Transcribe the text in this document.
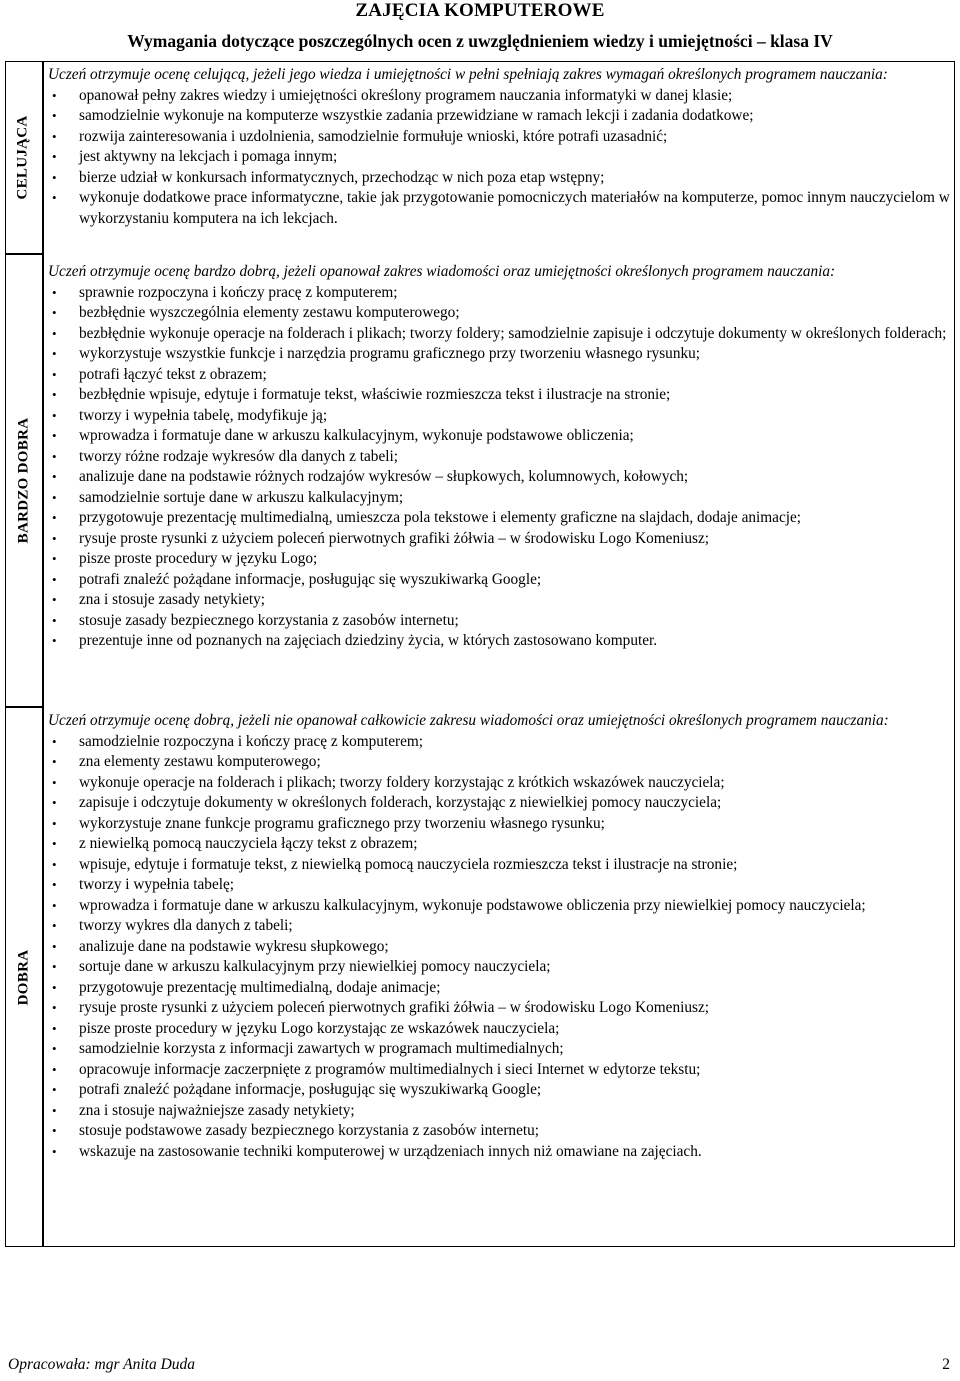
ZAJĘCIA KOMPUTEROWE
Wymagania dotyczące poszczególnych ocen z uwzględnieniem wiedzy i umiejętności – klasa IV
CELUJĄCA
BARDZO DOBRA
DOBRA
Uczeń otrzymuje ocenę celującą, jeżeli jego wiedza i umiejętności w pełni spełniają zakres wymagań określonych programem nauczania:
• opanował pełny zakres wiedzy i umiejętności określony programem nauczania informatyki w danej klasie;
• samodzielnie wykonuje na komputerze wszystkie zadania przewidziane w ramach lekcji i zadania dodatkowe;
• rozwija zainteresowania i uzdolnienia, samodzielnie formułuje wnioski, które potrafi uzasadnić;
• jest aktywny na lekcjach i pomaga innym;
• bierze udział w konkursach informatycznych, przechodząc w nich poza etap wstępny;
• wykonuje dodatkowe prace informatyczne, takie jak przygotowanie pomocniczych materiałów na komputerze, pomoc innym nauczycielom w wykorzystaniu komputera na ich lekcjach.
Uczeń otrzymuje ocenę bardzo dobrą, jeżeli opanował zakres wiadomości oraz umiejętności określonych programem nauczania:
• sprawnie rozpoczyna i kończy pracę z komputerem;
• bezbłędnie wyszczególnia elementy zestawu komputerowego;
• bezbłędnie wykonuje operacje na folderach i plikach; tworzy foldery; samodzielnie zapisuje i odczytuje dokumenty w określonych folderach;
• wykorzystuje wszystkie funkcje i narzędzia programu graficznego przy tworzeniu własnego rysunku;
• potrafi łączyć tekst z obrazem;
• bezbłędnie wpisuje, edytuje i formatuje tekst, właściwie rozmieszcza tekst i ilustracje na stronie;
• tworzy i wypełnia tabelę, modyfikuje ją;
• wprowadza i formatuje dane w arkuszu kalkulacyjnym, wykonuje podstawowe obliczenia;
• tworzy różne rodzaje wykresów dla danych z tabeli;
• analizuje dane na podstawie różnych rodzajów wykresów – słupkowych, kolumnowych, kołowych;
• samodzielnie sortuje dane w arkuszu kalkulacyjnym;
• przygotowuje prezentację multimedialną, umieszcza pola tekstowe i elementy graficzne na slajdach, dodaje animacje;
• rysuje proste rysunki z użyciem poleceń pierwotnych grafiki żółwia – w środowisku Logo Komeniusz;
• pisze proste procedury w języku Logo;
• potrafi znaleźć pożądane informacje, posługując się wyszukiwarką Google;
• zna i stosuje zasady netykiety;
• stosuje zasady bezpiecznego korzystania z zasobów internetu;
• prezentuje inne od poznanych na zajęciach dziedziny życia, w których zastosowano komputer.
Uczeń otrzymuje ocenę dobrą, jeżeli nie opanował całkowicie zakresu wiadomości oraz umiejętności określonych programem nauczania:
• samodzielnie rozpoczyna i kończy pracę z komputerem;
• zna elementy zestawu komputerowego;
• wykonuje operacje na folderach i plikach; tworzy foldery korzystając z krótkich wskazówek nauczyciela;
• zapisuje i odczytuje dokumenty w określonych folderach, korzystając z niewielkiej pomocy nauczyciela;
• wykorzystuje znane funkcje programu graficznego przy tworzeniu własnego rysunku;
• z niewielką pomocą nauczyciela łączy tekst z obrazem;
• wpisuje, edytuje i formatuje tekst, z niewielką pomocą nauczyciela rozmieszcza tekst i ilustracje na stronie;
• tworzy i wypełnia tabelę;
• wprowadza i formatuje dane w arkuszu kalkulacyjnym, wykonuje podstawowe obliczenia przy niewielkiej pomocy nauczyciela;
• tworzy wykres dla danych z tabeli;
• analizuje dane na podstawie wykresu słupkowego;
• sortuje dane w arkuszu kalkulacyjnym przy niewielkiej pomocy nauczyciela;
• przygotowuje prezentację multimedialną, dodaje animacje;
• rysuje proste rysunki z użyciem poleceń pierwotnych grafiki żółwia – w środowisku Logo Komeniusz;
• pisze proste procedury w języku Logo korzystając ze wskazówek nauczyciela;
• samodzielnie korzysta z informacji zawartych w programach multimedialnych;
• opracowuje informacje zaczerpnięte z programów multimedialnych i sieci Internet w edytorze tekstu;
• potrafi znaleźć pożądane informacje, posługując się wyszukiwarką Google;
• zna i stosuje najważniejsze zasady netykiety;
• stosuje podstawowe zasady bezpiecznego korzystania z zasobów internetu;
• wskazuje na zastosowanie techniki komputerowej w urządzeniach innych niż omawiane na zajęciach.
Opracowała: mgr Anita Duda	2
